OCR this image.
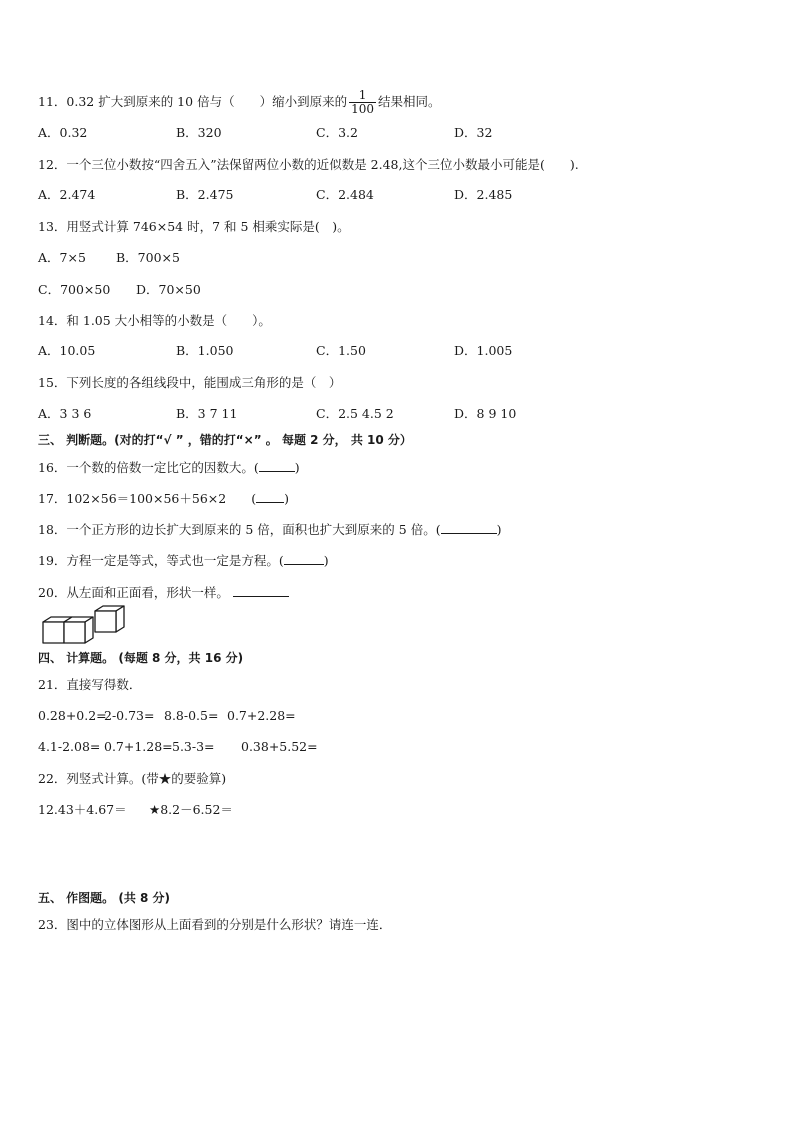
11．0.32 扩大到原来的 10 倍与（　　）缩小到原来的 $\frac{1}{100}$ 结果相同。
A．0.32	B．320	C．3.2	D．32
12．一个三位小数按“四舍五入”法保留两位小数的近似数是 2.48,这个三位小数最小可能是(　　).
A．2.474	B．2.475	C．2.484	D．2.485
13．用竖式计算 746×54 时，7 和 5 相乘实际是(　)。
A．7×5 B．700×5
C．700×50 D．70×50
14．和 1.05 大小相等的小数是（　　）。
A．10.05	B．1.050	C．1.50	D．1.005
15．下列长度的各组线段中，能围成三角形的是（　）
A．3 3 6	B．3 7 11	C．2.5 4.5 2	D．8 9 10
三、 判断题。(对的打“√ ” ，错的打“×” 。 每题 2 分， 共 10 分）
16．一个数的倍数一定比它的因数大。(	)
17．102×56＝100×56＋56×2　　( )
18．一个正方形的边长扩大到原来的 5 倍，面积也扩大到原来的 5 倍。(	)
19．方程一定是等式，等式也一定是方程。(	)
20．从左面和正面看，形状一样。
四、 计算题。 (每题 8 分，共 16 分)
21．直接写得数．
0.28+0.2=
2-0.73= 8.8-0.5= 0.7+2.28=
4.1-2.08= 0.7+1.28= 5.3-3= 0.38+5.52=
22．列竖式计算。(带★的要验算)
12.43＋4.67＝ ★8.2－6.52＝
五、 作图题。 (共 8 分)
23．图中的立体图形从上面看到的分别是什么形状？请连一连．
